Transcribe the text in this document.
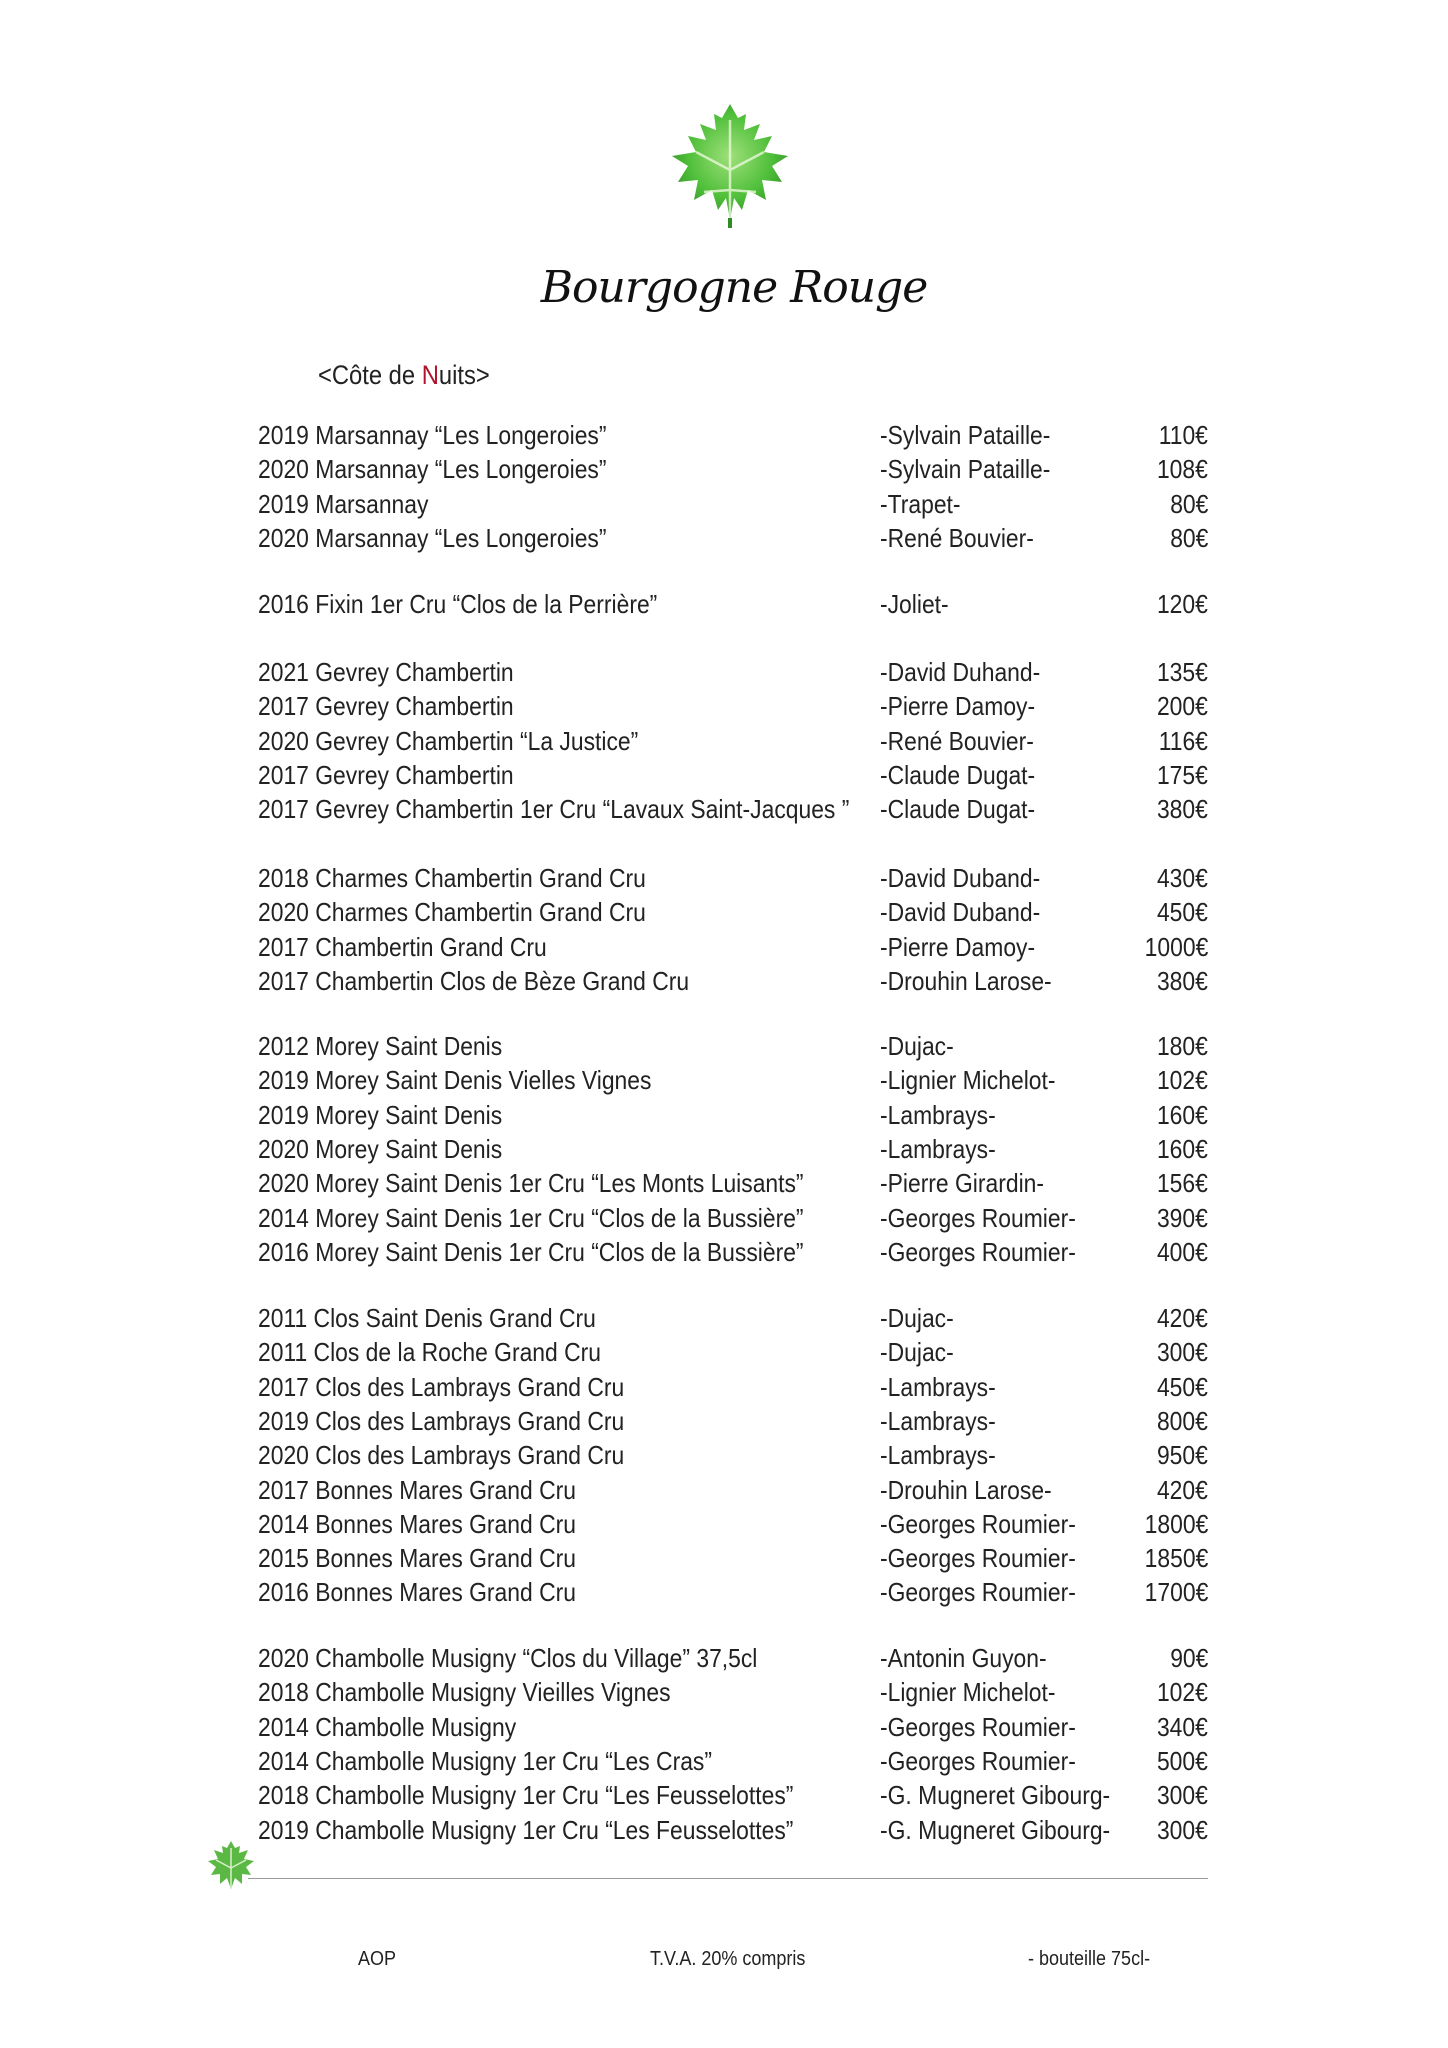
Bourgogne Rouge
<Côte de Nuits>
2019 Marsannay “Les Longeroies”	-Sylvain Pataille-	110€
2020 Marsannay “Les Longeroies”	-Sylvain Pataille-	108€
2019 Marsannay	-Trapet-	80€
2020 Marsannay “Les Longeroies”	-René Bouvier-	80€
2016 Fixin 1er Cru “Clos de la Perrière”	-Joliet-	120€
2021 Gevrey Chambertin	-David Duhand-	135€
2017 Gevrey Chambertin	-Pierre Damoy-	200€
2020 Gevrey Chambertin “La Justice”	-René Bouvier-	116€
2017 Gevrey Chambertin	-Claude Dugat-	175€
2017 Gevrey Chambertin 1er Cru “Lavaux Saint-Jacques ” -Claude Dugat-	380€
2018 Charmes Chambertin Grand Cru	-David Duband-	430€
2020 Charmes Chambertin Grand Cru	-David Duband-	450€
2017 Chambertin Grand Cru	-Pierre Damoy-	1000€
2017 Chambertin Clos de Bèze Grand Cru	-Drouhin Larose-	380€
2012 Morey Saint Denis	-Dujac-	180€
2019 Morey Saint Denis Vielles Vignes	-Lignier Michelot-	102€
2019 Morey Saint Denis	-Lambrays-	160€
2020 Morey Saint Denis	-Lambrays-	160€
2020 Morey Saint Denis 1er Cru “Les Monts Luisants”	-Pierre Girardin-	156€
2014 Morey Saint Denis 1er Cru “Clos de la Bussière”	-Georges Roumier-	390€
2016 Morey Saint Denis 1er Cru “Clos de la Bussière”	-Georges Roumier-	400€
2011 Clos Saint Denis Grand Cru	-Dujac-	420€
2011 Clos de la Roche Grand Cru	-Dujac-	300€
2017 Clos des Lambrays Grand Cru	-Lambrays-	450€
2019 Clos des Lambrays Grand Cru	-Lambrays-	800€
2020 Clos des Lambrays Grand Cru	-Lambrays-	950€
2017 Bonnes Mares Grand Cru	-Drouhin Larose-	420€
2014 Bonnes Mares Grand Cru	-Georges Roumier-	1800€
2015 Bonnes Mares Grand Cru	-Georges Roumier-	1850€
2016 Bonnes Mares Grand Cru	-Georges Roumier-	1700€
2020 Chambolle Musigny “Clos du Village” 37,5cl	-Antonin Guyon-	90€
2018 Chambolle Musigny Vieilles Vignes	-Lignier Michelot-	102€
2014 Chambolle Musigny	-Georges Roumier-	340€
2014 Chambolle Musigny 1er Cru “Les Cras”	-Georges Roumier-	500€
2018 Chambolle Musigny 1er Cru “Les Feusselottes”	-G. Mugneret Gibourg- 300€
2019 Chambolle Musigny 1er Cru “Les Feusselottes”	-G. Mugneret Gibourg- 300€
AOP	T.V.A. 20% compris	- bouteille 75cl-
